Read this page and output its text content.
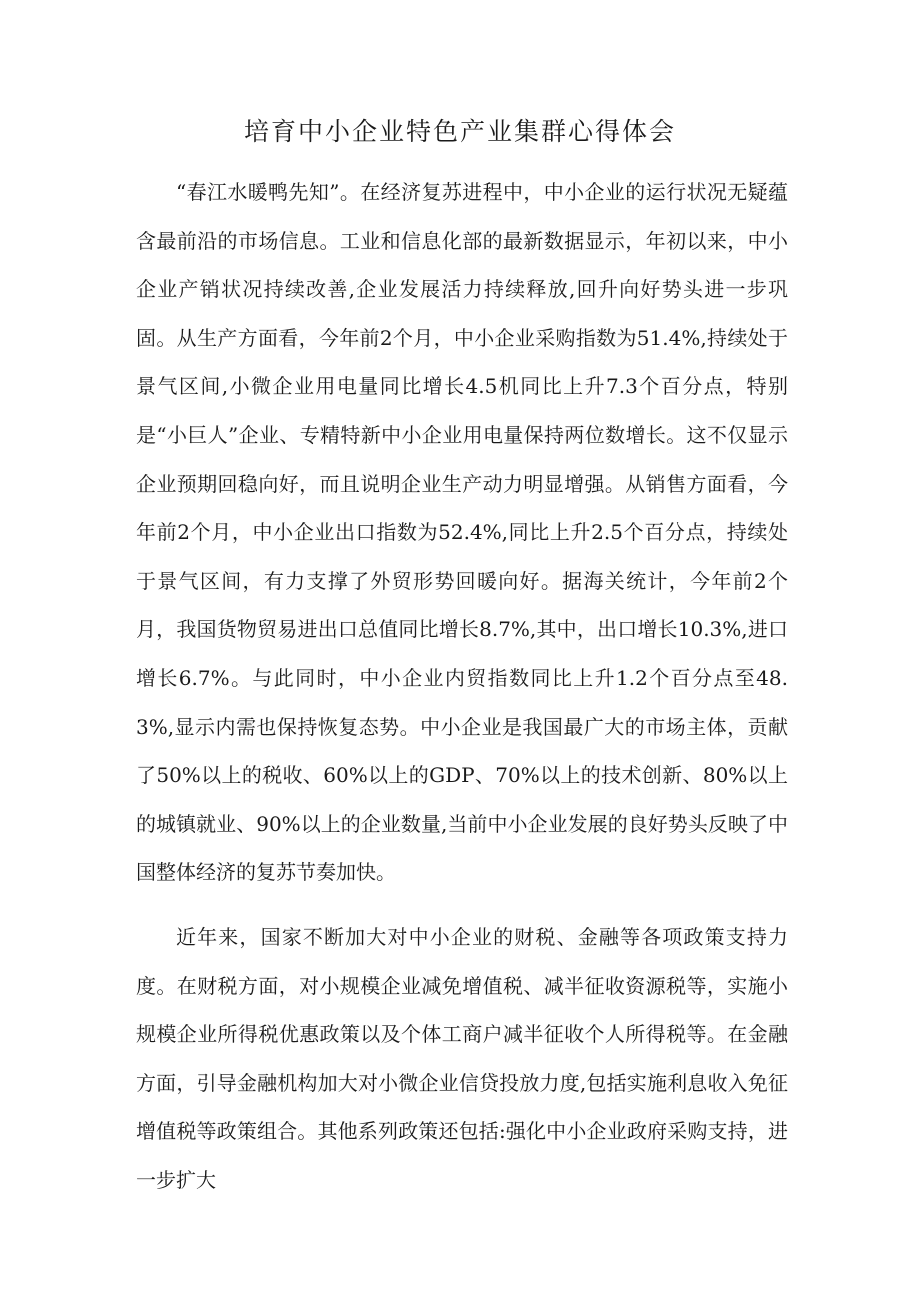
培育中小企业特色产业集群心得体会

“春江水暖鸭先知”。在经济复苏进程中，中小企业的运行状况无疑蕴含最前沿的市场信息。工业和信息化部的最新数据显示，年初以来，中小企业产销状况持续改善,企业发展活力持续释放,回升向好势头进一步巩固。从生产方面看，今年前2个月，中小企业采购指数为51.4%,持续处于景气区间,小微企业用电量同比增长4.5机同比上升7.3个百分点，特别是“小巨人”企业、专精特新中小企业用电量保持两位数增长。这不仅显示企业预期回稳向好，而且说明企业生产动力明显增强。从销售方面看，今年前2个月，中小企业出口指数为52.4%,同比上升2.5个百分点，持续处于景气区间，有力支撑了外贸形势回暖向好。据海关统计，今年前2个月，我国货物贸易进出口总值同比增长8.7%,其中，出口增长10.3%,进口增长6.7%。与此同时，中小企业内贸指数同比上升1.2个百分点至48.3%,显示内需也保持恢复态势。中小企业是我国最广大的市场主体，贡献了50%以上的税收、60%以上的GDP、70%以上的技术创新、80%以上的城镇就业、90%以上的企业数量,当前中小企业发展的良好势头反映了中国整体经济的复苏节奏加快。

近年来，国家不断加大对中小企业的财税、金融等各项政策支持力度。在财税方面，对小规模企业减免增值税、减半征收资源税等，实施小规模企业所得税优惠政策以及个体工商户减半征收个人所得税等。在金融方面，引导金融机构加大对小微企业信贷投放力度,包括实施利息收入免征增值税等政策组合。其他系列政策还包括:强化中小企业政府采购支持，进一步扩大
